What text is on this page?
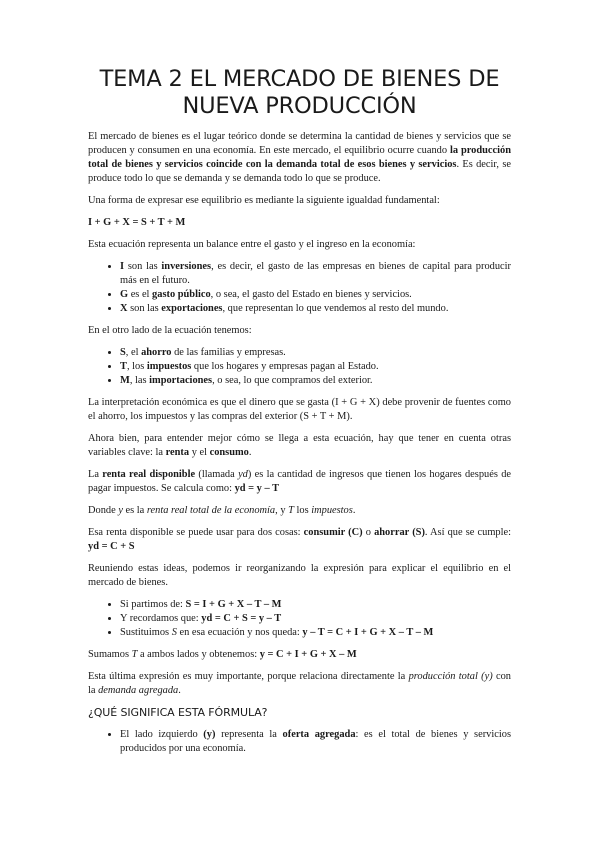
TEMA 2 EL MERCADO DE BIENES DE
NUEVA PRODUCCIÓN

El mercado de bienes es el lugar teórico donde se determina la cantidad de bienes y servicios que se producen y consumen en una economía. En este mercado, el equilibrio ocurre cuando la producción total de bienes y servicios coincide con la demanda total de esos bienes y servicios. Es decir, se produce todo lo que se demanda y se demanda todo lo que se produce.

Una forma de expresar ese equilibrio es mediante la siguiente igualdad fundamental:

I + G + X = S + T + M

Esta ecuación representa un balance entre el gasto y el ingreso en la economía:

• I son las inversiones, es decir, el gasto de las empresas en bienes de capital para producir más en el futuro.
• G es el gasto público, o sea, el gasto del Estado en bienes y servicios.
• X son las exportaciones, que representan lo que vendemos al resto del mundo.

En el otro lado de la ecuación tenemos:

• S, el ahorro de las familias y empresas.
• T, los impuestos que los hogares y empresas pagan al Estado.
• M, las importaciones, o sea, lo que compramos del exterior.

La interpretación económica es que el dinero que se gasta (I + G + X) debe provenir de fuentes como el ahorro, los impuestos y las compras del exterior (S + T + M).

Ahora bien, para entender mejor cómo se llega a esta ecuación, hay que tener en cuenta otras variables clave: la renta y el consumo.

La renta real disponible (llamada yd) es la cantidad de ingresos que tienen los hogares después de pagar impuestos. Se calcula como: yd = y – T

Donde y es la renta real total de la economía, y T los impuestos.

Esa renta disponible se puede usar para dos cosas: consumir (C) o ahorrar (S). Así que se cumple: yd = C + S

Reuniendo estas ideas, podemos ir reorganizando la expresión para explicar el equilibrio en el mercado de bienes.

• Si partimos de: S = I + G + X – T – M
• Y recordamos que: yd = C + S = y – T
• Sustituimos S en esa ecuación y nos queda: y – T = C + I + G + X – T – M

Sumamos T a ambos lados y obtenemos: y = C + I + G + X – M

Esta última expresión es muy importante, porque relaciona directamente la producción total (y) con la demanda agregada.

¿QUÉ SIGNIFICA ESTA FÓRMULA?
• El lado izquierdo (y) representa la oferta agregada: es el total de bienes y servicios producidos por una economía.
